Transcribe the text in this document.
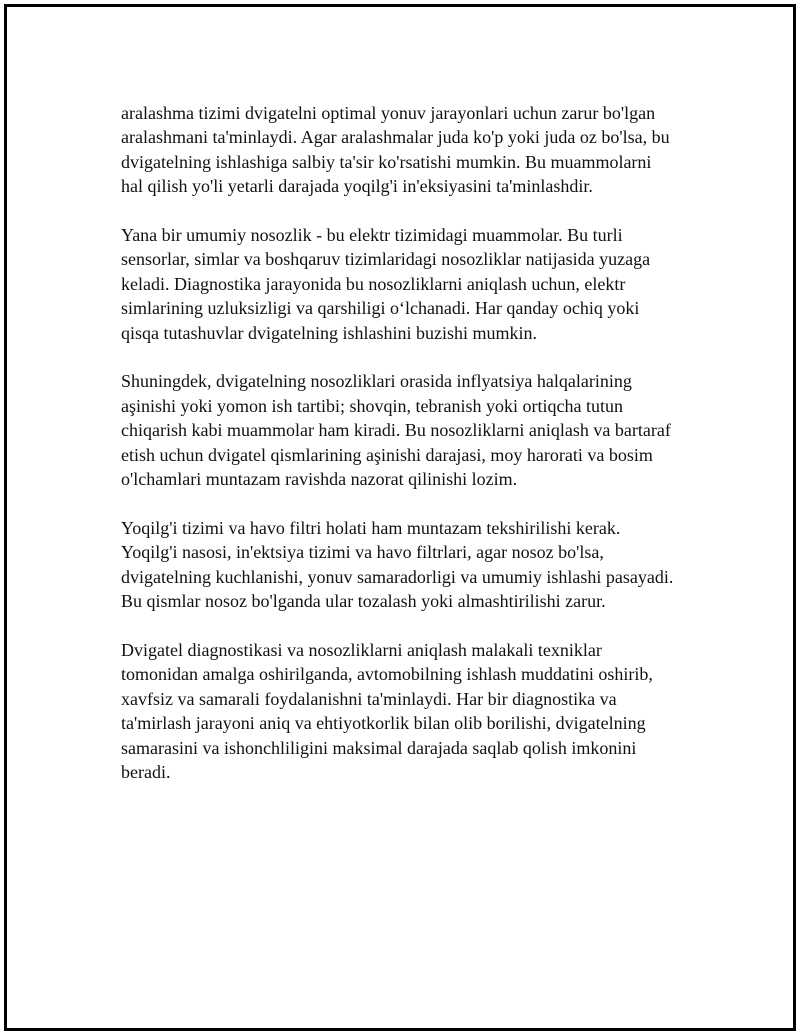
aralashma tizimi dvigatelni optimal yonuv jarayonlari uchun zarur bo'lgan
aralashmani ta'minlaydi. Agar aralashmalar juda ko'p yoki juda oz bo'lsa, bu
dvigatelning ishlashiga salbiy ta'sir ko'rsatishi mumkin. Bu muammolarni
hal qilish yo'li yetarli darajada yoqilg'i in'eksiyasini ta'minlashdir.

Yana bir umumiy nosozlik - bu elektr tizimidagi muammolar. Bu turli
sensorlar, simlar va boshqaruv tizimlaridagi nosozliklar natijasida yuzaga
keladi. Diagnostika jarayonida bu nosozliklarni aniqlash uchun, elektr
simlarining uzluksizligi va qarshiligi o‘lchanadi. Har qanday ochiq yoki
qisqa tutashuvlar dvigatelning ishlashini buzishi mumkin.

Shuningdek, dvigatelning nosozliklari orasida inflyatsiya halqalarining
aşinishi yoki yomon ish tartibi; shovqin, tebranish yoki ortiqcha tutun
chiqarish kabi muammolar ham kiradi. Bu nosozliklarni aniqlash va bartaraf
etish uchun dvigatel qismlarining aşinishi darajasi, moy harorati va bosim
o'lchamlari muntazam ravishda nazorat qilinishi lozim.

Yoqilg'i tizimi va havo filtri holati ham muntazam tekshirilishi kerak.
Yoqilg'i nasosi, in'ektsiya tizimi va havo filtrlari, agar nosoz bo'lsa,
dvigatelning kuchlanishi, yonuv samaradorligi va umumiy ishlashi pasayadi.
Bu qismlar nosoz bo'lganda ular tozalash yoki almashtirilishi zarur.

Dvigatel diagnostikasi va nosozliklarni aniqlash malakali texniklar
tomonidan amalga oshirilganda, avtomobilning ishlash muddatini oshirib,
xavfsiz va samarali foydalanishni ta'minlaydi. Har bir diagnostika va
ta'mirlash jarayoni aniq va ehtiyotkorlik bilan olib borilishi, dvigatelning
samarasini va ishonchliligini maksimal darajada saqlab qolish imkonini
beradi.
